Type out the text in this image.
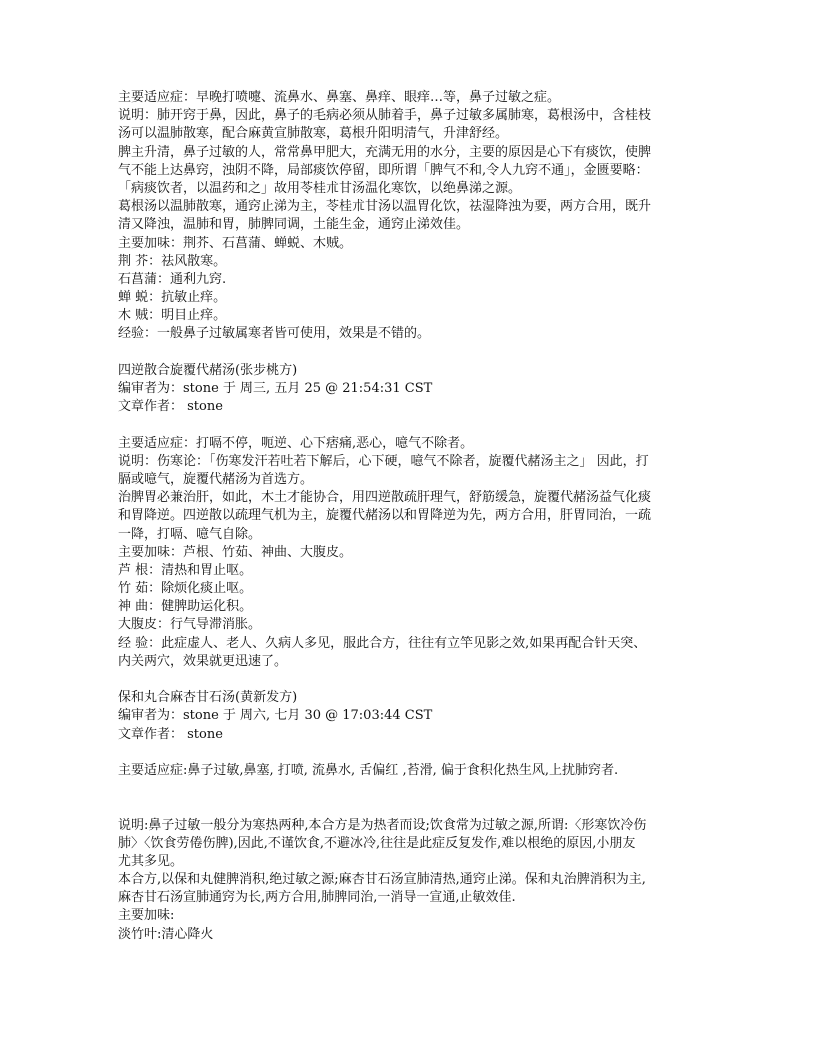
主要适应症：早晚打喷嚏、流鼻水、鼻塞、鼻痒、眼痒…等，鼻子过敏之症。
说明：肺开窍于鼻，因此，鼻子的毛病必须从肺着手，鼻子过敏多属肺寒，葛根汤中，含桂枝
汤可以温肺散寒，配合麻黄宣肺散寒，葛根升阳明清气，升津舒经。
脾主升清，鼻子过敏的人，常常鼻甲肥大，充满无用的水分，主要的原因是心下有痰饮，使脾
气不能上达鼻窍，浊阴不降，局部痰饮停留，即所谓「脾气不和,令人九窍不通」，金匮要略：
「病痰饮者，以温药和之」故用苓桂朮甘汤温化寒饮，以绝鼻涕之源。
葛根汤以温肺散寒，通窍止涕为主，苓桂朮甘汤以温胃化饮，祛湿降浊为要，两方合用，既升
清又降浊，温肺和胃，肺脾同调，土能生金，通窍止涕效佳。
主要加味：荆芥、石菖蒲、蝉蜕、木贼。
荆 芥：祛风散寒。
石菖蒲：通利九窍.
蝉 蜕：抗敏止痒。
木 贼：明目止痒。
经验：一般鼻子过敏属寒者皆可使用，效果是不错的。
四逆散合旋覆代赭汤(张步桃方)
编审者为：stone 于 周三, 五月 25 @ 21:54:31 CST
文章作者： stone
主要适应症：打嗝不停，呃逆、心下痞痛,恶心，噫气不除者。
说明：伤寒论：「伤寒发汗若吐若下解后，心下硬，噫气不除者，旋覆代赭汤主之」 因此，打
膈或噫气，旋覆代赭汤为首选方。
治脾胃必兼治肝，如此，木土才能协合，用四逆散疏肝理气，舒筋缓急，旋覆代赭汤益气化痰
和胃降逆。四逆散以疏理气机为主，旋覆代赭汤以和胃降逆为先，两方合用，肝胃同治，一疏
一降，打嗝、噫气自除。
主要加味：芦根、竹茹、神曲、大腹皮。
芦 根：清热和胃止呕。
竹 茹：除烦化痰止呕。
神 曲：健脾助运化积。
大腹皮：行气导滞消胀。
经 验：此症虚人、老人、久病人多见，服此合方，往往有立竿见影之效,如果再配合针天突、
内关两穴，效果就更迅速了。
保和丸合麻杏甘石汤(黄新发方)
编审者为：stone 于 周六, 七月 30 @ 17:03:44 CST
文章作者： stone
主要适应症:鼻子过敏,鼻塞, 打喷, 流鼻水, 舌偏红 ,苔滑, 偏于食积化热生风,上扰肺窍者.
说明:鼻子过敏一般分为寒热两种,本合方是为热者而设;饮食常为过敏之源,所谓:〈形寒饮冷伤
肺〉〈饮食劳倦伤脾),因此,不谨饮食,不避冰冷,往往是此症反复发作,难以根绝的原因,小朋友
尤其多见。
本合方,以保和丸健脾消积,绝过敏之源;麻杏甘石汤宣肺清热,通窍止涕。保和丸治脾消积为主,
麻杏甘石汤宣肺通窍为长,两方合用,肺脾同治,一消导一宣通,止敏效佳.
主要加味:
淡竹叶:清心降火
